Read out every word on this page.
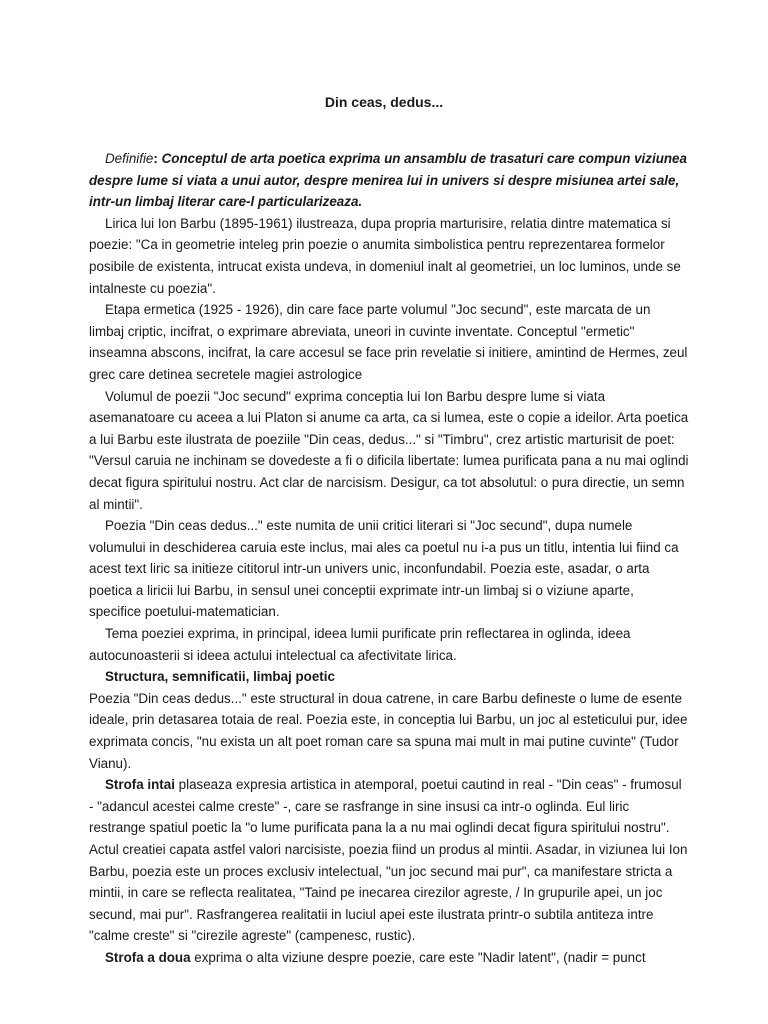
Din ceas, dedus...

Definifie: Conceptul de arta poetica exprima un ansamblu de trasaturi care compun viziunea despre lume si viata a unui autor, despre menirea lui in univers si despre misiunea artei sale, intr-un limbaj literar care-l particularizeaza.

Lirica lui Ion Barbu (1895-1961) ilustreaza, dupa propria marturisire, relatia dintre matematica si poezie: "Ca in geometrie inteleg prin poezie o anumita simbolistica pentru reprezentarea formelor posibile de existenta, intrucat exista undeva, in domeniul inalt al geometriei, un loc luminos, unde se intalneste cu poezia".

Etapa ermetica (1925 - 1926), din care face parte volumul "Joc secund", este marcata de un limbaj criptic, incifrat, o exprimare abreviata, uneori in cuvinte inventate. Conceptul "ermetic" inseamna abscons, incifrat, la care accesul se face prin revelatie si initiere, amintind de Hermes, zeul grec care detinea secretele magiei astrologice

Volumul de poezii "Joc secund" exprima conceptia lui Ion Barbu despre lume si viata asemanatoare cu aceea a lui Platon si anume ca arta, ca si lumea, este o copie a ideilor. Arta poetica a lui Barbu este ilustrata de poeziile "Din ceas, dedus..." si "Timbru", crez artistic marturisit de poet: "Versul caruia ne inchinam se dovedeste a fi o dificila libertate: lumea purificata pana a nu mai oglindi decat figura spiritului nostru. Act clar de narcisism. Desigur, ca tot absolutul: o pura directie, un semn al mintii".

Poezia "Din ceas dedus..." este numita de unii critici literari si "Joc secund", dupa numele volumului in deschiderea caruia este inclus, mai ales ca poetul nu i-a pus un titlu, intentia lui fiind ca acest text liric sa initieze cititorul intr-un univers unic, inconfundabil. Poezia este, asadar, o arta poetica a liricii lui Barbu, in sensul unei conceptii exprimate intr-un limbaj si o viziune aparte, specifice poetului-matematician.

Tema poeziei exprima, in principal, ideea lumii purificate prin reflectarea in oglinda, ideea autocunoasterii si ideea actului intelectual ca afectivitate lirica.

Structura, semnificatii, limbaj poetic

Poezia "Din ceas dedus..." este structural in doua catrene, in care Barbu defineste o lume de esente ideale, prin detasarea totaia de real. Poezia este, in conceptia lui Barbu, un joc al esteticului pur, idee exprimata concis, "nu exista un alt poet roman care sa spuna mai mult in mai putine cuvinte" (Tudor Vianu).

Strofa intai plaseaza expresia artistica in atemporal, poetui cautind in real - "Din ceas" - frumosul - "adancul acestei calme creste" -, care se rasfrange in sine insusi ca intr-o oglinda. Eul liric restrange spatiul poetic la "o lume purificata pana la a nu mai oglindi decat figura spiritului nostru". Actul creatiei capata astfel valori narcisiste, poezia fiind un produs al mintii. Asadar, in viziunea lui Ion Barbu, poezia este un proces exclusiv intelectual, "un joc secund mai pur", ca manifestare stricta a mintii, in care se reflecta realitatea, "Taind pe inecarea cirezilor agreste, / In grupurile apei, un joc secund, mai pur". Rasfrangerea realitatii in luciul apei este ilustrata printr-o subtila antiteza intre "calme creste" si "cirezile agreste" (campenesc, rustic).

Strofa a doua exprima o alta viziune despre poezie, care este "Nadir latent", (nadir = punct
